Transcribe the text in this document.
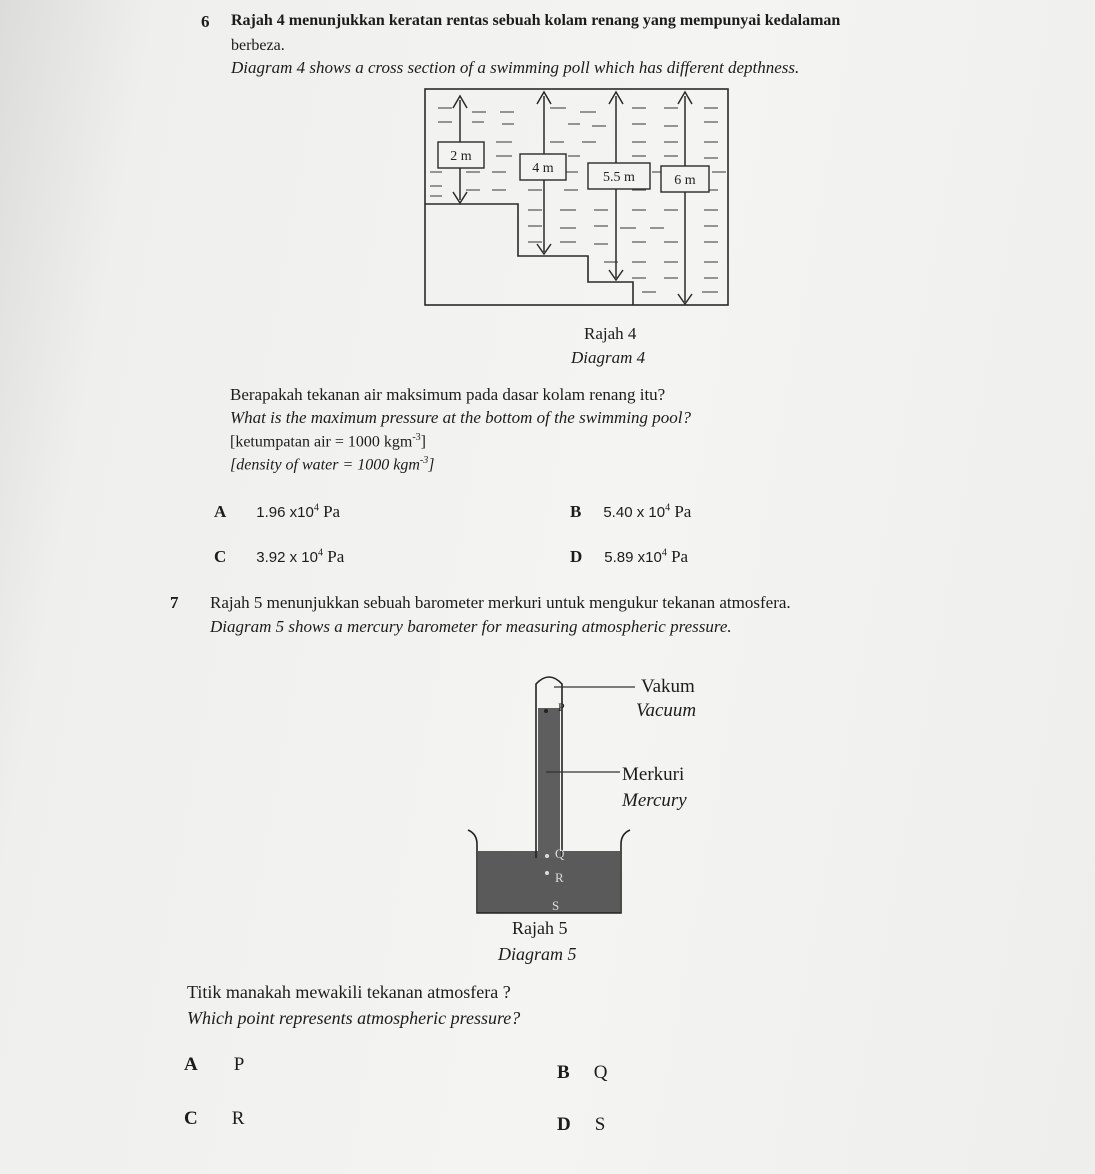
6 Rajah 4 menunjukkan keratan rentas sebuah kolam renang yang mempunyai kedalaman
berbeza.
Diagram 4 shows a cross section of a swimming poll which has different depthness.
2 m
4 m
5.5 m	6 m
Rajah 4
Diagram 4
Berapakah tekanan air maksimum pada dasar kolam renang itu?
What is the maximum pressure at the bottom of the swimming pool?
[ketumpatan air = 1000 kgm$^{-3}$]
[density of water = 1000 kgm$^{-3}$]
A 1.96 $x10^4$ Pa	B 5.40 x $10^4$ Pa
C 3.92 x $10^4$ Pa	D 5.89 $x10^4$ Pa
7 Rajah 5 menunjukkan sebuah barometer merkuri untuk mengukur tekanan atmosfera.
Diagram 5 shows a mercury barometer for measuring atmospheric pressure.
P
Q
R
S
Vakum
Vacuum
Merkuri
Mercury
Rajah 5
Diagram 5
Titik manakah mewakili tekanan atmosfera ?
Which point represents atmospheric pressure?
A P	B Q
C R	D S
